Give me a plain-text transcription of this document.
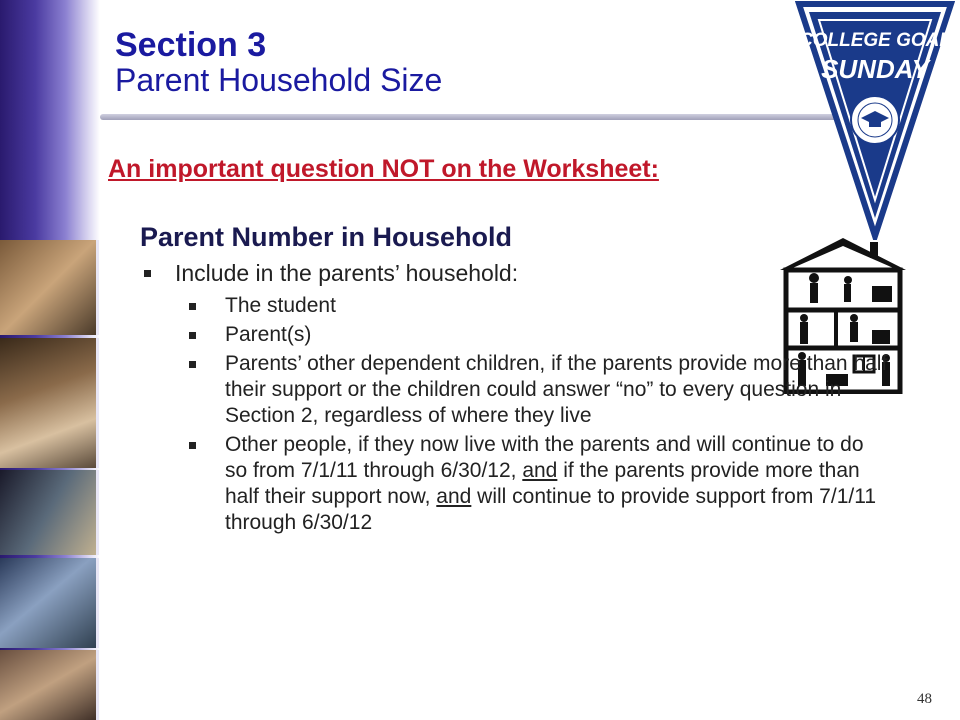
Section 3
Parent Household Size
COLLEGE GOAL
SUNDAY
An important question NOT on the Worksheet:
Parent Number in Household
Include in the parents’ household:
The student
Parent(s)
Parents’ other dependent children, if the parents provide more than half their support or the children could answer “no” to every question in Section 2, regardless of where they live
Other people, if they now live with the parents and will continue to do so from 7/1/11 through 6/30/12, and if the parents provide more than half their support now, and will continue to provide support from 7/1/11 through 6/30/12
48
